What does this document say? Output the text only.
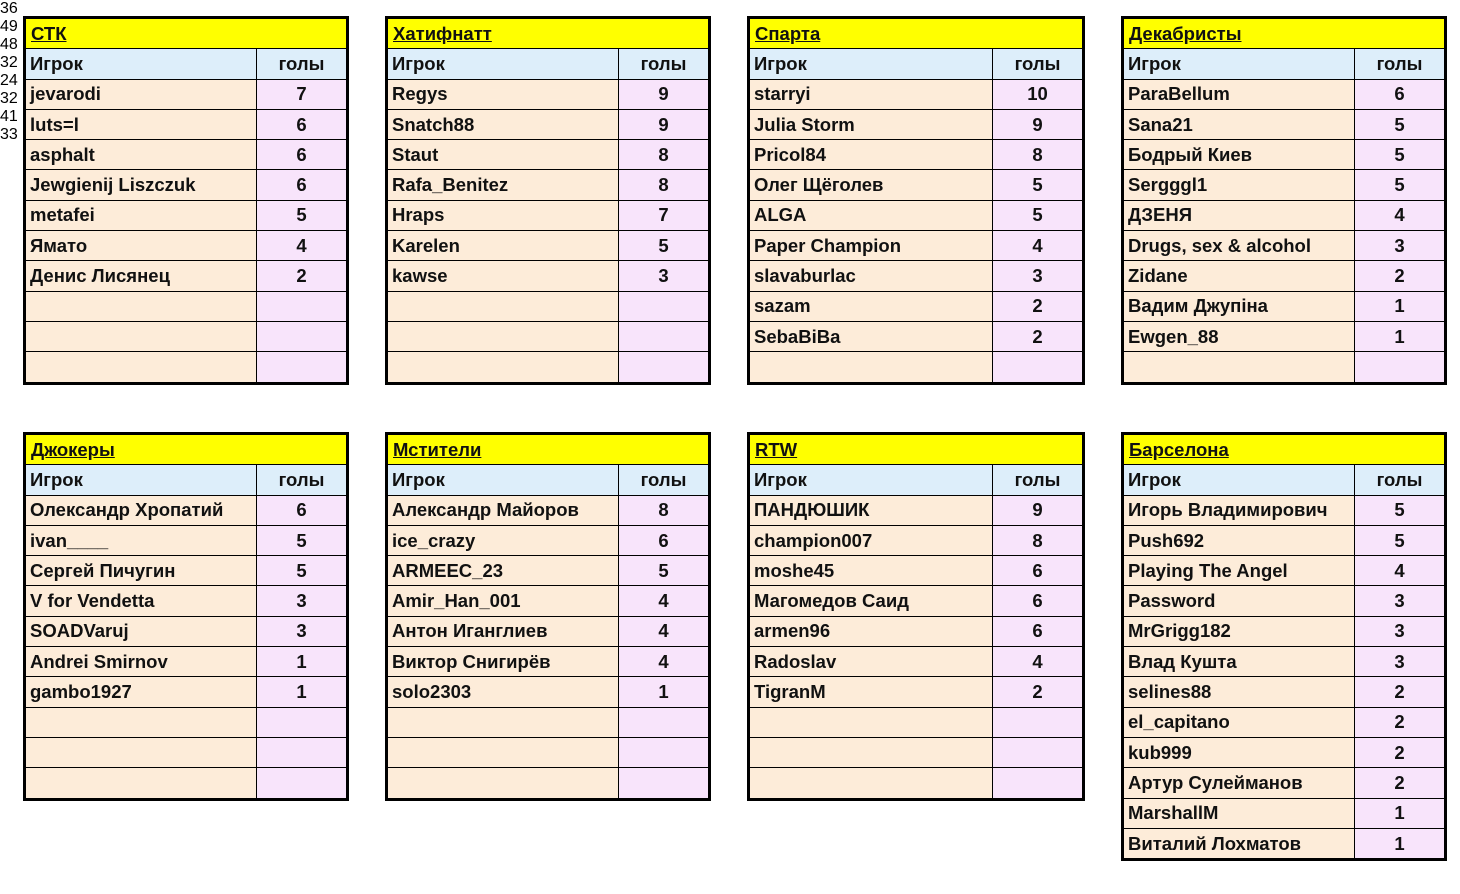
СТК	
Игрок	голы
jevarodi	7
luts=l	6
asphalt	6
Jewgienij Liszczuk	6
metafei	5
Ямато	4
Денис Лисянец	2

36
Хатифнатт	
Игрок	голы
Regys	9
Snatch88	9
Staut	8
Rafa_Benitez	8
Hraps	7
Karelen	5
kawse	3

49	Спарта	
Игрок	голы
starryi	10
Julia Storm	9
Pricol84	8
Олег Щёголев	5
ALGA	5
Paper Champion	4
slavaburlac	3
sazam	2
SebaBiBa	2

48
Декабристы	
Игрок	голы
ParaBellum	6
Sana21	5
Бодрый Киев	5
Sergggl1	5
ДЗЕНЯ	4
Drugs, sex & alcohol	3
Zidane	2
Вадим Джупіна	1
Ewgen_88	1

32
Джокеры	
Игрок	голы
Олександр Хропатий	6
ivan____	5
Сергей Пичугин	5
V for Vendetta	3
SOADVaruj	3
Andrei Smirnov	1
gambo1927	1

24
Мстители	
Игрок	голы
Александр Майоров	8
ice_crazy	6
ARMEEC_23	5
Amir_Han_001	4
Антон Иганглиев	4
Виктор Снигирёв	4
solo2303	1

32
RTW	
Игрок	голы
ПАНДЮШИК	9
champion007	8
moshe45	6
Магомедов Саид	6
armen96	6
Radoslav	4
TigranM	2

41
Барселона	
Игрок	голы
Игорь Владимирович	5
Push692	5
Playing The Angel	4
Password	3
MrGrigg182	3
Влад Кушта	3
selines88	2
el_capitano	2
kub999	2
Артур Сулейманов	2
MarshallM	1
Виталий Лохматов	1
33
